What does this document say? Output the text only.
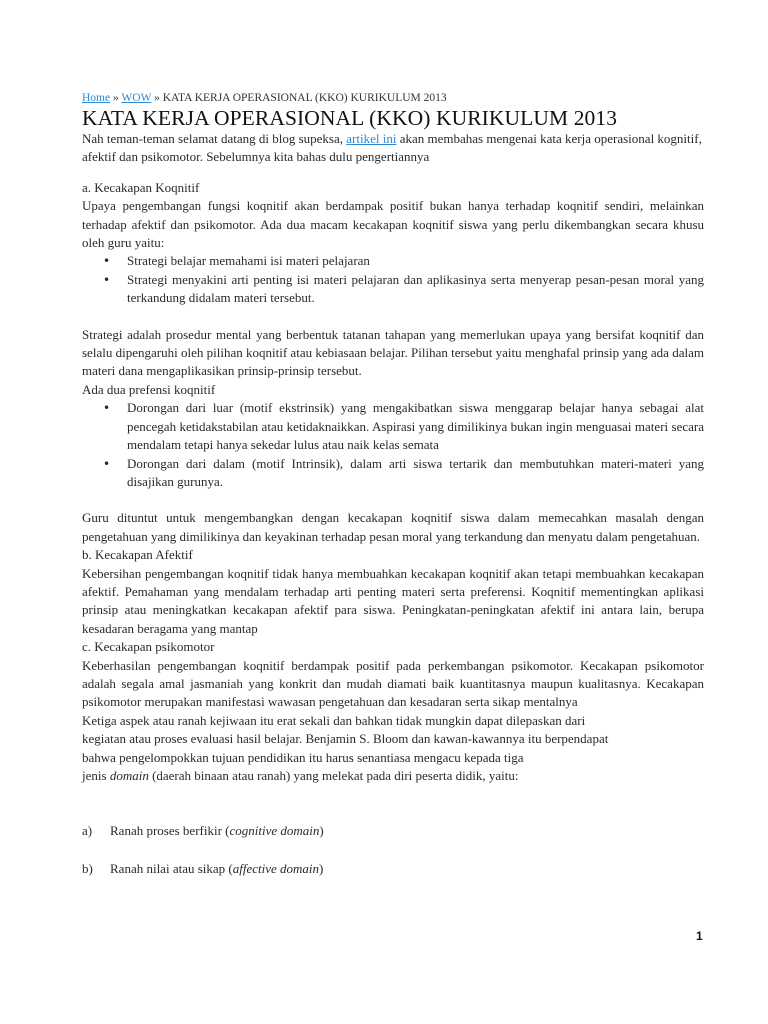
Home » WOW » KATA KERJA OPERASIONAL (KKO) KURIKULUM 2013
KATA KERJA OPERASIONAL (KKO) KURIKULUM 2013

Nah teman-teman selamat datang di blog supeksa, artikel ini akan membahas mengenai kata kerja operasional kognitif, afektif dan psikomotor. Sebelumnya kita bahas dulu pengertiannya

a. Kecakapan Koqnitif

Upaya pengembangan fungsi koqnitif akan berdampak positif bukan hanya terhadap koqnitif sendiri, melainkan terhadap afektif dan psikomotor. Ada dua macam kecakapan koqnitif siswa yang perlu dikembangkan secara khusu oleh guru yaitu:

• Strategi belajar memahami isi materi pelajaran
• Strategi menyakini arti penting isi materi pelajaran dan aplikasinya serta menyerap pesan-pesan moral yang terkandung didalam materi tersebut.

Strategi adalah prosedur mental yang berbentuk tatanan tahapan yang memerlukan upaya yang bersifat koqnitif dan selalu dipengaruhi oleh pilihan koqnitif atau kebiasaan belajar. Pilihan tersebut yaitu menghafal prinsip yang ada dalam materi dana mengaplikasikan prinsip-prinsip tersebut.

Ada dua prefensi koqnitif

• Dorongan dari luar (motif ekstrinsik) yang mengakibatkan siswa menggarap belajar hanya sebagai alat pencegah ketidakstabilan atau ketidaknaikkan. Aspirasi yang dimilikinya bukan ingin menguasai materi secara mendalam tetapi hanya sekedar lulus atau naik kelas semata
• Dorongan dari dalam (motif Intrinsik), dalam arti siswa tertarik dan membutuhkan materi-materi yang disajikan gurunya.

Guru dituntut untuk mengembangkan dengan kecakapan koqnitif siswa dalam memecahkan masalah dengan pengetahuan yang dimilikinya dan keyakinan terhadap pesan moral yang terkandung dan menyatu dalam pengetahuan.

b. Kecakapan Afektif

Kebersihan pengembangan koqnitif tidak hanya membuahkan kecakapan koqnitif akan tetapi membuahkan kecakapan afektif. Pemahaman yang mendalam terhadap arti penting materi serta preferensi. Koqnitif mementingkan aplikasi prinsip atau meningkatkan kecakapan afektif para siswa. Peningkatan-peningkatan afektif ini antara lain, berupa kesadaran beragama yang mantap

c. Kecakapan psikomotor

Keberhasilan pengembangan koqnitif berdampak positif pada perkembangan psikomotor. Kecakapan psikomotor adalah segala amal jasmaniah yang konkrit dan mudah diamati baik kuantitasnya maupun kualitasnya. Kecakapan psikomotor merupakan manifestasi wawasan pengetahuan dan kesadaran serta sikap mentalnya

Ketiga aspek atau ranah kejiwaan itu erat sekali dan bahkan tidak mungkin dapat dilepaskan dari

kegiatan atau proses evaluasi hasil belajar. Benjamin S. Bloom dan kawan-kawannya itu berpendapat

bahwa pengelompokkan tujuan pendidikan itu harus senantiasa mengacu kepada tiga

jenis domain (daerah binaan atau ranah) yang melekat pada diri peserta didik, yaitu:

a)	Ranah proses berfikir (cognitive domain)

b)	Ranah nilai atau sikap (affective domain)

1
